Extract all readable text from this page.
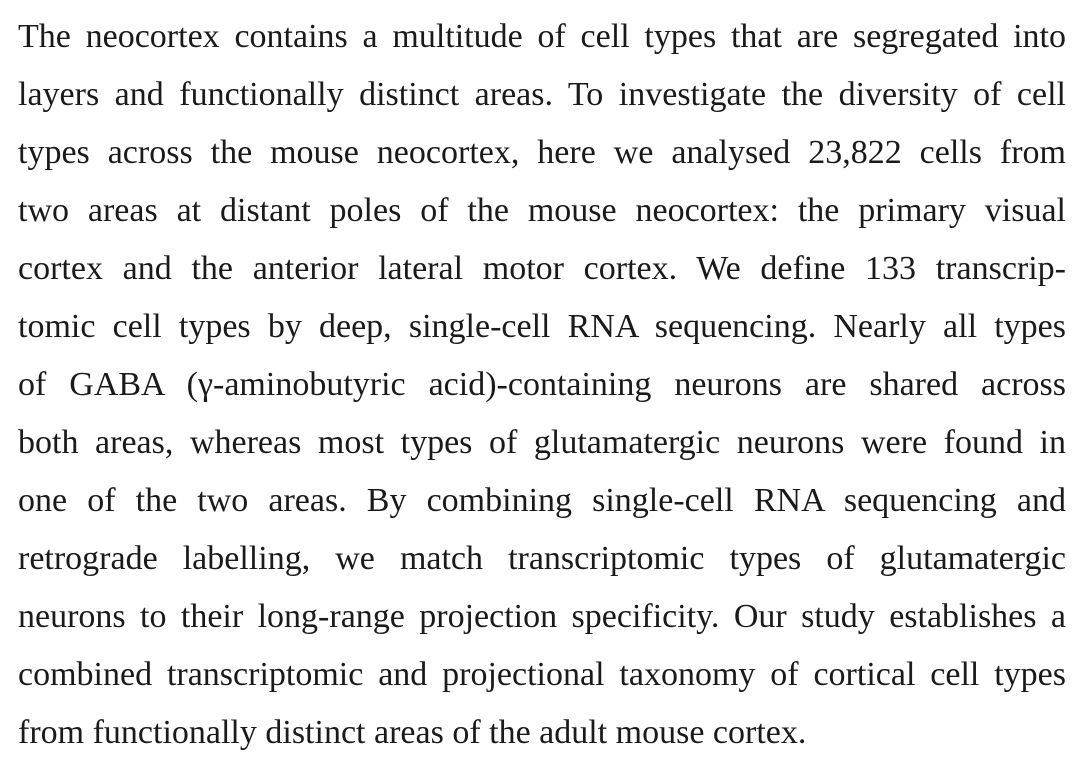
The neocortex contains a multitude of cell types that are segregated into
layers and functionally distinct areas. To investigate the diversity of cell
types across the mouse neocortex, here we analysed 23,822 cells from
two areas at distant poles of the mouse neocortex: the primary visual
cortex and the anterior lateral motor cortex. We define 133 transcrip-
tomic cell types by deep, single-cell RNA sequencing. Nearly all types
of GABA (γ-aminobutyric acid)-containing neurons are shared across
both areas, whereas most types of glutamatergic neurons were found in
one of the two areas. By combining single-cell RNA sequencing and
retrograde labelling, we match transcriptomic types of glutamatergic
neurons to their long-range projection specificity. Our study establishes a
combined transcriptomic and projectional taxonomy of cortical cell types
from functionally distinct areas of the adult mouse cortex.
